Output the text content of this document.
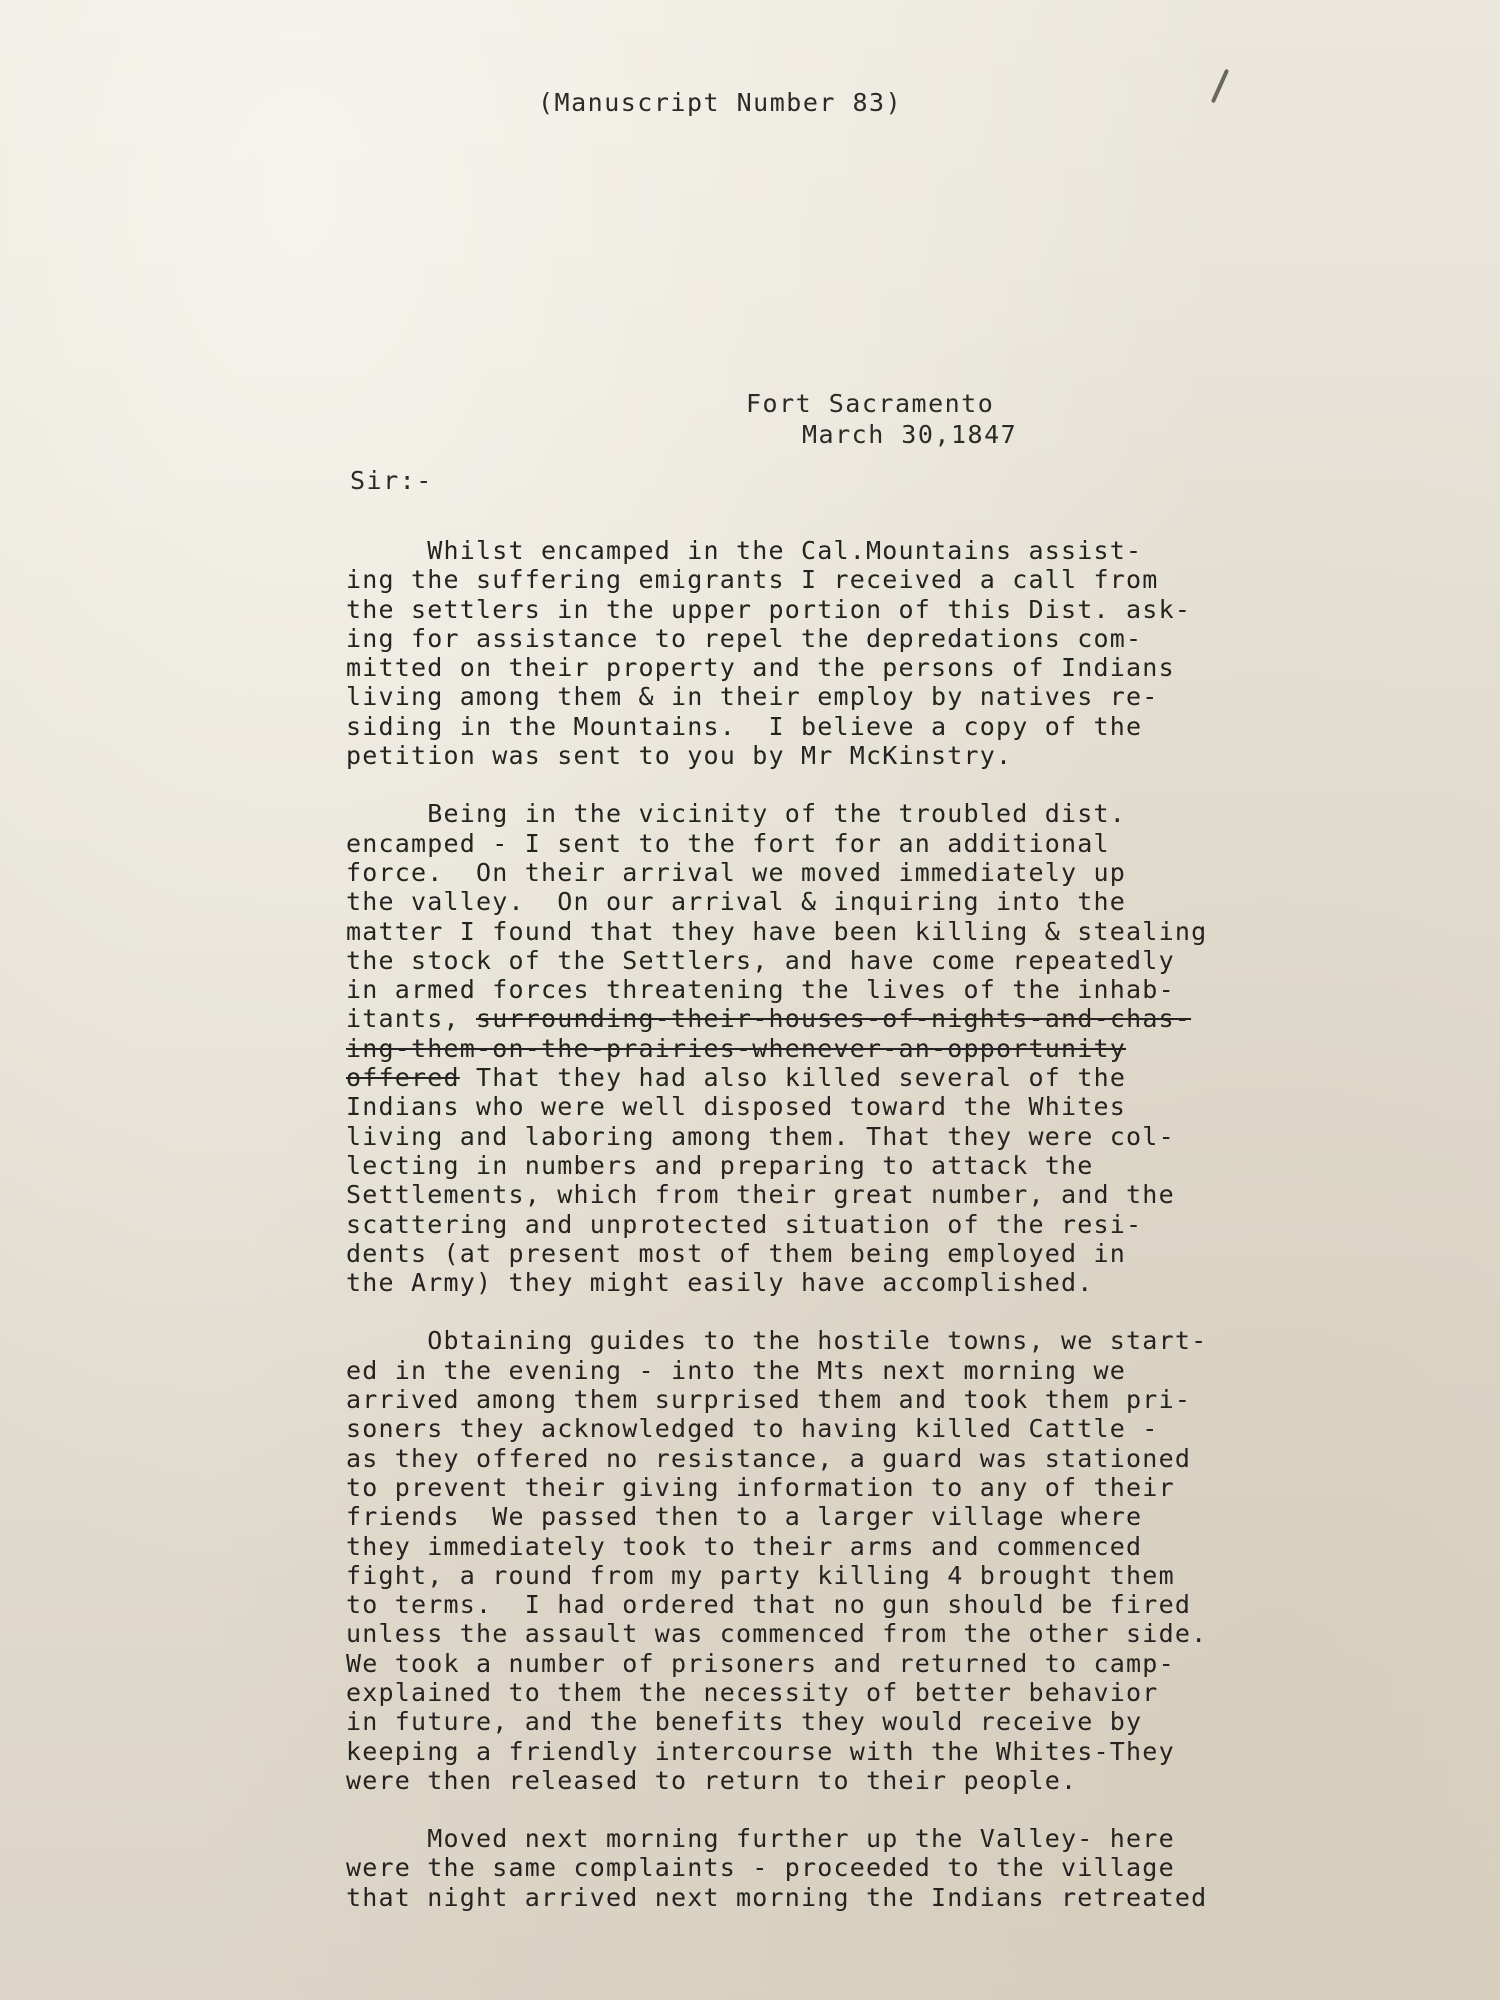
(Manuscript Number 83)
Fort Sacramento
March 30,1847
Sir:-
Whilst encamped in the Cal.Mountains assist-
ing the suffering emigrants I received a call from
the settlers in the upper portion of this Dist. ask-
ing for assistance to repel the depredations com-
mitted on their property and the persons of Indians
living among them & in their employ by natives re-
siding in the Mountains.  I believe a copy of the
petition was sent to you by Mr McKinstry.
Being in the vicinity of the troubled dist.
encamped - I sent to the fort for an additional
force.  On their arrival we moved immediately up
the valley.  On our arrival & inquiring into the
matter I found that they have been killing & stealing
the stock of the Settlers, and have come repeatedly
in armed forces threatening the lives of the inhab-
itants, surrounding-their-houses-of-nights-and-chas-
ing-them-on-the-prairies-whenever-an-opportunity
offered That they had also killed several of the
Indians who were well disposed toward the Whites
living and laboring among them. That they were col-
lecting in numbers and preparing to attack the
Settlements, which from their great number, and the
scattering and unprotected situation of the resi-
dents (at present most of them being employed in
the Army) they might easily have accomplished.
Obtaining guides to the hostile towns, we start-
ed in the evening - into the Mts next morning we
arrived among them surprised them and took them pri-
soners they acknowledged to having killed Cattle -
as they offered no resistance, a guard was stationed
to prevent their giving information to any of their
friends  We passed then to a larger village where
they immediately took to their arms and commenced
fight, a round from my party killing 4 brought them
to terms.  I had ordered that no gun should be fired
unless the assault was commenced from the other side.
We took a number of prisoners and returned to camp-
explained to them the necessity of better behavior
in future, and the benefits they would receive by
keeping a friendly intercourse with the Whites-They
were then released to return to their people.
Moved next morning further up the Valley- here
were the same complaints - proceeded to the village
that night arrived next morning the Indians retreated
